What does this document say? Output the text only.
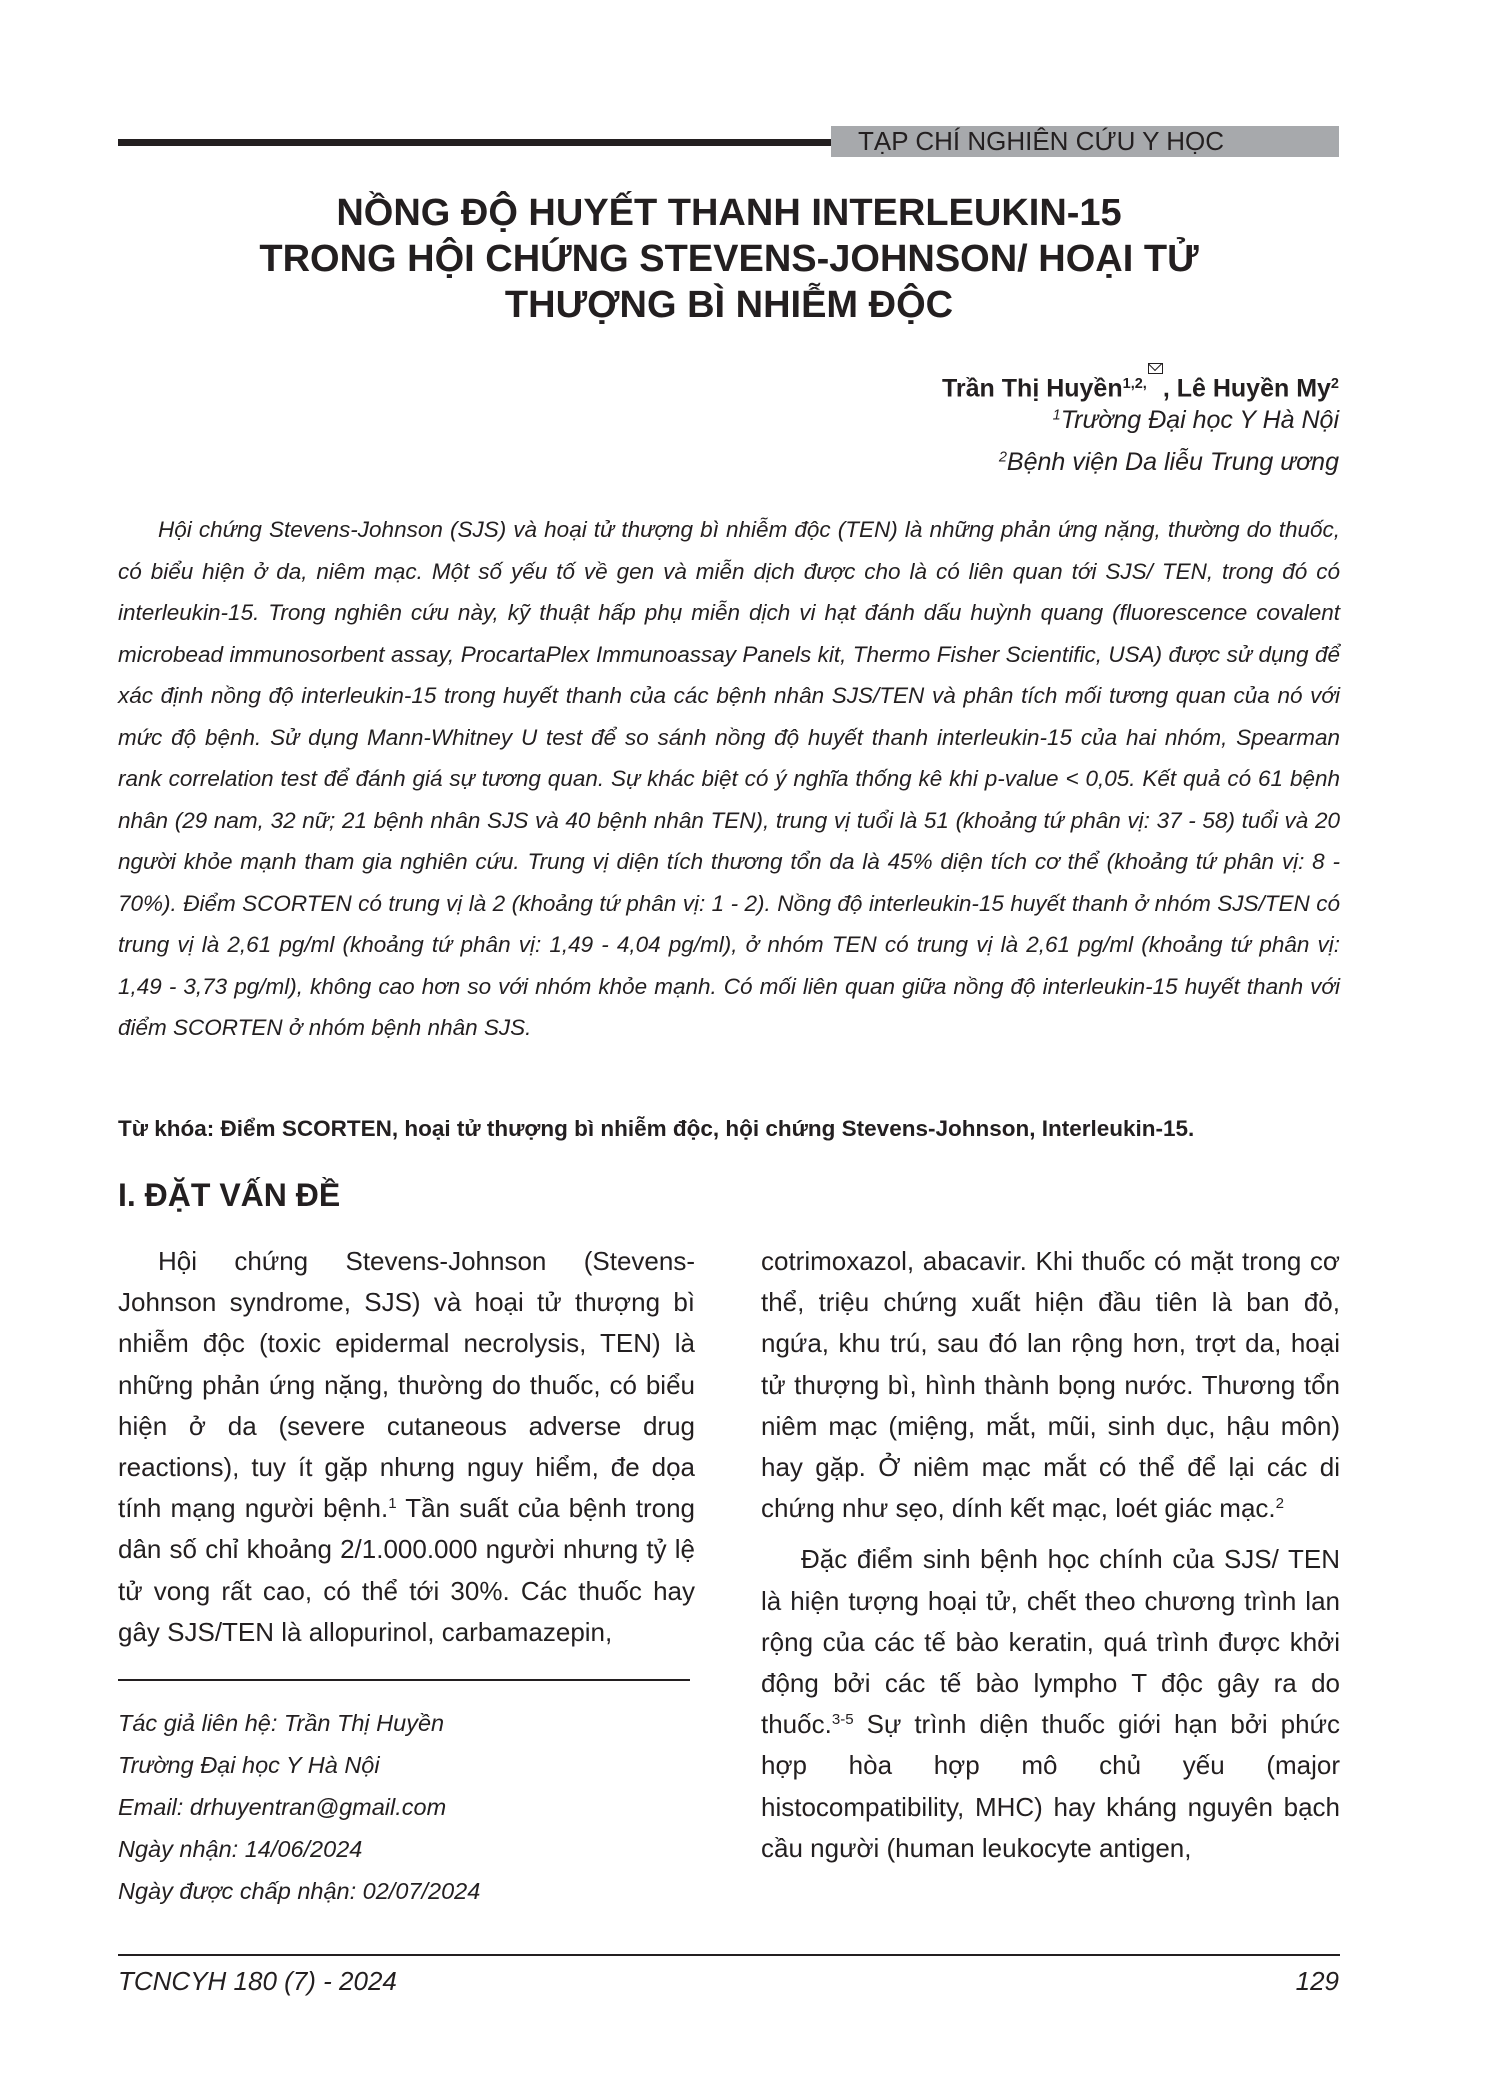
TẠP CHÍ NGHIÊN CỨU Y HỌC
NỒNG ĐỘ HUYẾT THANH INTERLEUKIN-15
TRONG HỘI CHỨNG STEVENS-JOHNSON/ HOẠI TỬ
THƯỢNG BÌ NHIỄM ĐỘC
Trần Thị Huyền$^{1,2,}$ , Lê Huyền My$^2$
$^1$Trường Đại học Y Hà Nội
$^2$Bệnh viện Da liễu Trung ương
Hội chứng Stevens-Johnson (SJS) và hoại tử thượng bì nhiễm độc (TEN) là những phản ứng nặng, thường do thuốc, có biểu hiện ở da, niêm mạc. Một số yếu tố về gen và miễn dịch được cho là có liên quan tới SJS/ TEN, trong đó có interleukin-15. Trong nghiên cứu này, kỹ thuật hấp phụ miễn dịch vi hạt đánh dấu huỳnh quang (fluorescence covalent microbead immunosorbent assay, ProcartaPlex Immunoassay Panels kit, Thermo Fisher Scientific, USA) được sử dụng để xác định nồng độ interleukin-15 trong huyết thanh của các bệnh nhân SJS/TEN và phân tích mối tương quan của nó với mức độ bệnh. Sử dụng Mann-Whitney U test để so sánh nồng độ huyết thanh interleukin-15 của hai nhóm, Spearman rank correlation test để đánh giá sự tương quan. Sự khác biệt có ý nghĩa thống kê khi p-value < 0,05. Kết quả có 61 bệnh nhân (29 nam, 32 nữ; 21 bệnh nhân SJS và 40 bệnh nhân TEN), trung vị tuổi là 51 (khoảng tứ phân vị: 37 - 58) tuổi và 20 người khỏe mạnh tham gia nghiên cứu. Trung vị diện tích thương tổn da là 45% diện tích cơ thể (khoảng tứ phân vị: 8 - 70%). Điểm SCORTEN có trung vị là 2 (khoảng tứ phân vị: 1 - 2). Nồng độ interleukin-15 huyết thanh ở nhóm SJS/TEN có trung vị là 2,61 pg/ml (khoảng tứ phân vị: 1,49 - 4,04 pg/ml), ở nhóm TEN có trung vị là 2,61 pg/ml (khoảng tứ phân vị: 1,49 - 3,73 pg/ml), không cao hơn so với nhóm khỏe mạnh. Có mối liên quan giữa nồng độ interleukin-15 huyết thanh với điểm SCORTEN ở nhóm bệnh nhân SJS.
Từ khóa: Điểm SCORTEN, hoại tử thượng bì nhiễm độc, hội chứng Stevens-Johnson, Interleukin-15.
I. ĐẶT VẤN ĐỀ

Hội chứng Stevens-Johnson (Stevens-Johnson syndrome, SJS) và hoại tử thượng bì nhiễm độc (toxic epidermal necrolysis, TEN) là những phản ứng nặng, thường do thuốc, có biểu hiện ở da (severe cutaneous adverse drug reactions), tuy ít gặp nhưng nguy hiểm, đe dọa tính mạng người bệnh.$^1$ Tần suất của bệnh trong dân số chỉ khoảng 2/1.000.000 người nhưng tỷ lệ tử vong rất cao, có thể tới 30%. Các thuốc hay gây SJS/TEN là allopurinol, carbamazepin,

Tác giả liên hệ: Trần Thị Huyền
Trường Đại học Y Hà Nội
Email: drhuyentran@gmail.com
Ngày nhận: 14/06/2024
Ngày được chấp nhận: 02/07/2024

cotrimoxazol, abacavir. Khi thuốc có mặt trong cơ thể, triệu chứng xuất hiện đầu tiên là ban đỏ, ngứa, khu trú, sau đó lan rộng hơn, trợt da, hoại tử thượng bì, hình thành bọng nước. Thương tổn niêm mạc (miệng, mắt, mũi, sinh dục, hậu môn) hay gặp. Ở niêm mạc mắt có thể để lại các di chứng như sẹo, dính kết mạc, loét giác mạc.$^2$

Đặc điểm sinh bệnh học chính của SJS/ TEN là hiện tượng hoại tử, chết theo chương trình lan rộng của các tế bào keratin, quá trình được khởi động bởi các tế bào lympho T độc gây ra do thuốc.$^{3-5}$ Sự trình diện thuốc giới hạn bởi phức hợp hòa hợp mô chủ yếu (major histocompatibility, MHC) hay kháng nguyên bạch cầu người (human leukocyte antigen,

TCNCYH 180 (7) - 2024	129
